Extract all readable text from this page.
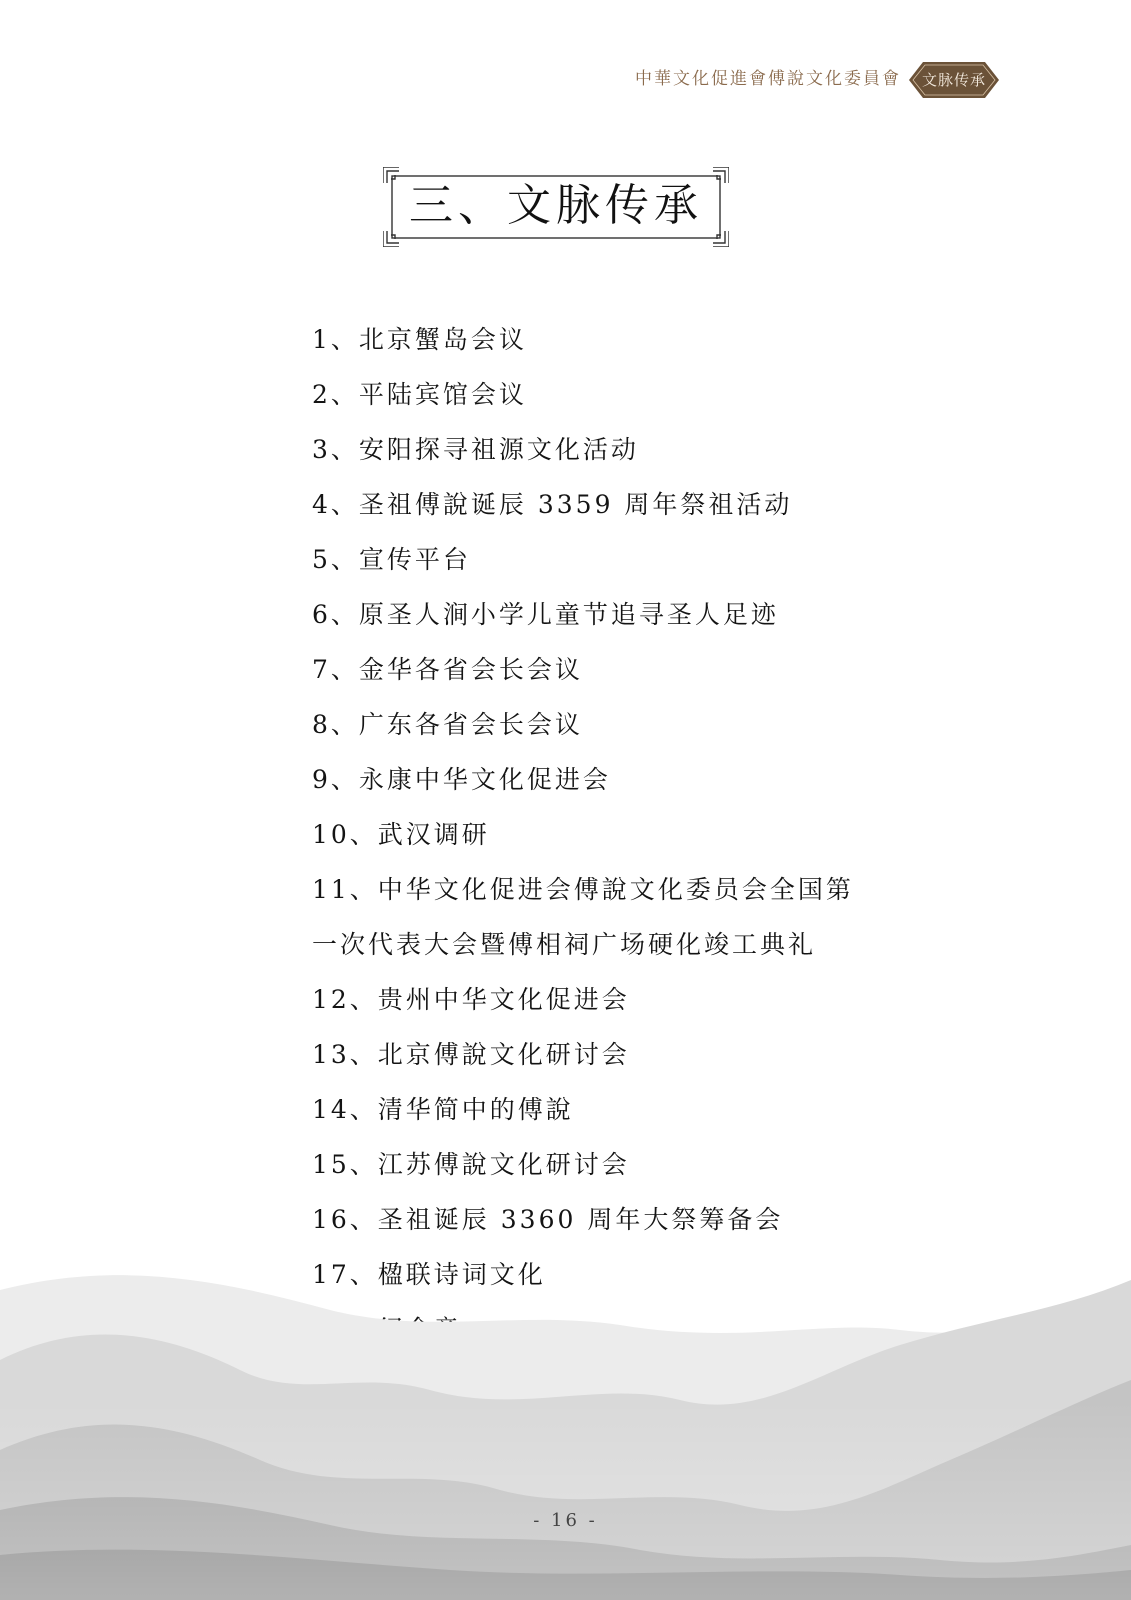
中華文化促進會傅說文化委員會	文脉传承
三、文脉传承
1、北京蟹岛会议
2、平陆宾馆会议
3、安阳探寻祖源文化活动
4、圣祖傅說诞辰 3359 周年祭祖活动
5、宣传平台
6、原圣人涧小学儿童节追寻圣人足迹
7、金华各省会长会议
8、广东各省会长会议
9、永康中华文化促进会
10、武汉调研
11、中华文化促进会傅說文化委员会全国第
一次代表大会暨傅相祠广场硬化竣工典礼
12、贵州中华文化促进会
13、北京傅說文化研讨会
14、清华简中的傅說
15、江苏傅說文化研讨会
16、圣祖诞辰 3360 周年大祭筹备会
17、楹联诗词文化
- 16 -
